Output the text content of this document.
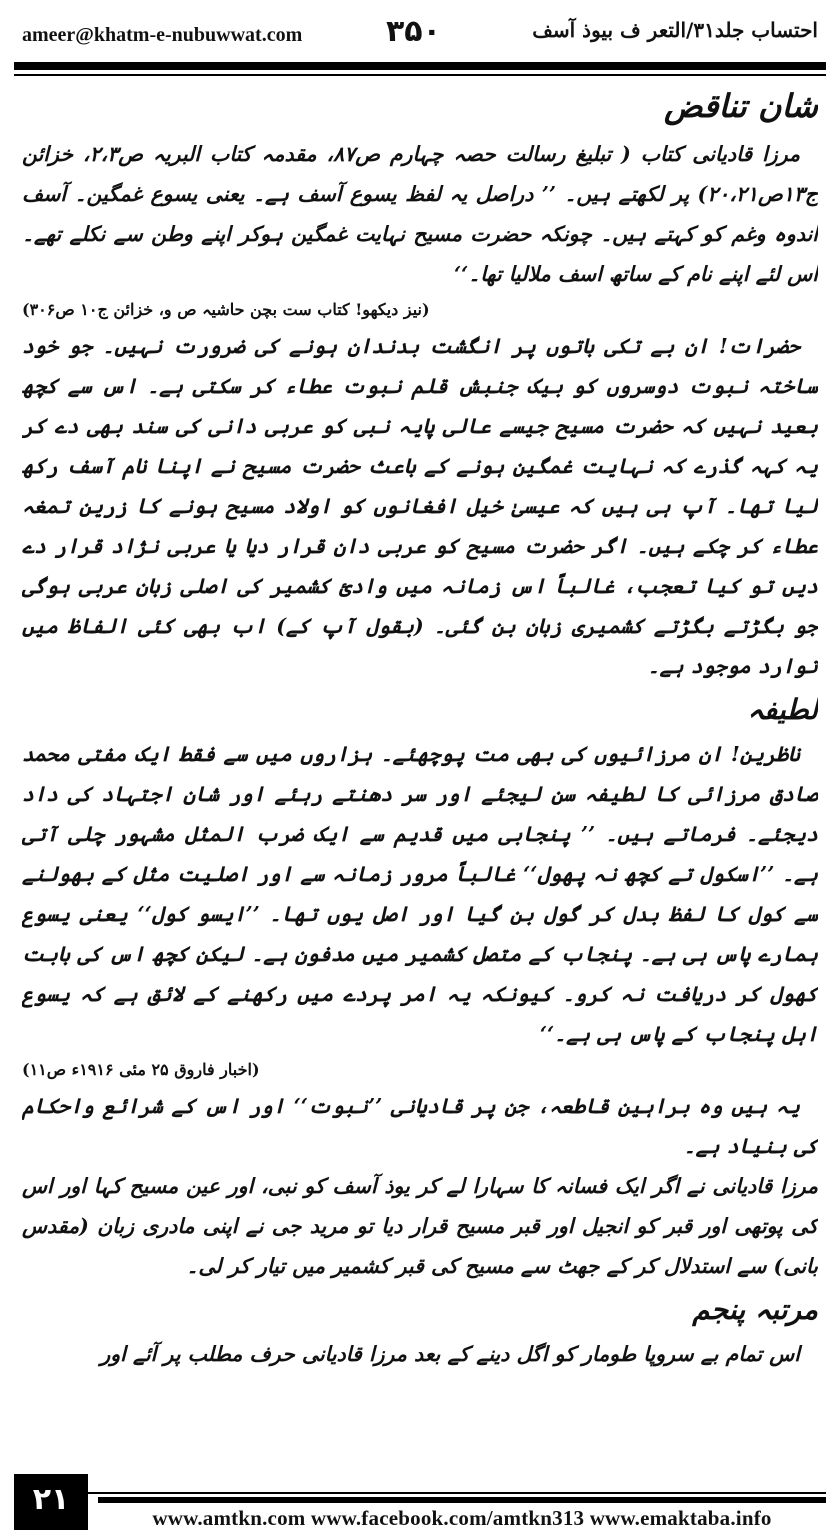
ameer@khatm-e-nubuwwat.com	۳۵۰	احتساب جلد۳۱/التعر ف بیوذ آسف
شان تناقض

مرزا قادیانی کتاب ( تبلیغ رسالت حصہ چہارم ص۸۷، مقدمہ کتاب البریہ ص۲،۳، خزائن ج۱۳ص۲۰،۲۱) پر لکھتے ہیں۔ ’’ دراصل یہ لفظ یسوع آسف ہے۔ یعنی یسوع غمگین۔ آسف اندوہ وغم کو کہتے ہیں۔ چونکہ حضرت مسیح نہایت غمگین ہوکر اپنے وطن سے نکلے تھے۔ اس لئے اپنے نام کے ساتھ اسف ملالیا تھا۔‘‘

(نیز دیکھو! کتاب ست بچن حاشیہ ص و، خزائن ج۱۰ ص۳۰۶)

حضرات! ان بے تکی باتوں پر انگشت بدندان ہونے کی ضرورت نہیں۔ جو خود ساختہ نبوت دوسروں کو بیک جنبش قلم نبوت عطاء کر سکتی ہے۔ اس سے کچھ بعید نہیں کہ حضرت مسیح جیسے عالی پایہ نبی کو عربی دانی کی سند بھی دے کر یہ کہہ گذرے کہ نہایت غمگین ہونے کے باعث حضرت مسیح نے اپنا نام آسف رکھ لیا تھا۔ آپ ہی ہیں کہ عیسیٰ خیل افغانوں کو اولاد مسیح ہونے کا زرین تمغہ عطاء کر چکے ہیں۔ اگر حضرت مسیح کو عربی دان قرار دیا یا عربی نژاد قرار دے دیں تو کیا تعجب، غالباً اس زمانہ میں وادیٔ کشمیر کی اصلی زبان عربی ہوگی جو بگڑتے بگڑتے کشمیری زبان بن گئی۔ (بقول آپ کے) اب بھی کئی الفاظ میں توارد موجود ہے۔

لطیفہ

ناظرین! ان مرزائیوں کی بھی مت پوچھئے۔ ہزاروں میں سے فقط ایک مفتی محمد صادق مرزائی کا لطیفہ سن لیجئے اور سر دھنتے رہئے اور شان اجتہاد کی داد دیجئے۔ فرماتے ہیں۔ ’’ پنجابی میں قدیم سے ایک ضرب المثل مشہور چلی آتی ہے۔ ’’اسکول تے کچھ نہ پھول‘‘ غالباً مرور زمانہ سے اور اصلیت مثل کے بھولنے سے کول کا لفظ بدل کر گول بن گیا اور اصل یوں تھا۔ ’’ایسو کول‘‘ یعنی یسوع ہمارے پاس ہی ہے۔ پنجاب کے متصل کشمیر میں مدفون ہے۔ لیکن کچھ اس کی بابت کھول کر دریافت نہ کرو۔ کیونکہ یہ امر پردے میں رکھنے کے لائق ہے کہ یسوع اہل پنجاب کے پاس ہی ہے۔‘‘

(اخبار فاروق ۲۵ مئی ۱۹۱۶ء ص۱۱)

یہ ہیں وہ براہین قاطعہ، جن پر قادیانی ’’نبوت‘‘ اور اس کے شرائع واحکام کی بنیاد ہے۔

مرزا قادیانی نے اگر ایک فسانہ کا سہارا لے کر یوذ آسف کو نبی، اور عین مسیح کہا اور اس کی پوتھی اور قبر کو انجیل اور قبر مسیح قرار دیا تو مرید جی نے اپنی مادری زبان (مقدس بانی) سے استدلال کر کے جھٹ سے مسیح کی قبر کشمیر میں تیار کر لی۔

مرتبہ پنجم

اس تمام بے سروپا طومار کو اگل دینے کے بعد مرزا قادیانی حرف مطلب پر آئے اور

۲۱
www.amtkn.com www.facebook.com/amtkn313 www.emaktaba.info
